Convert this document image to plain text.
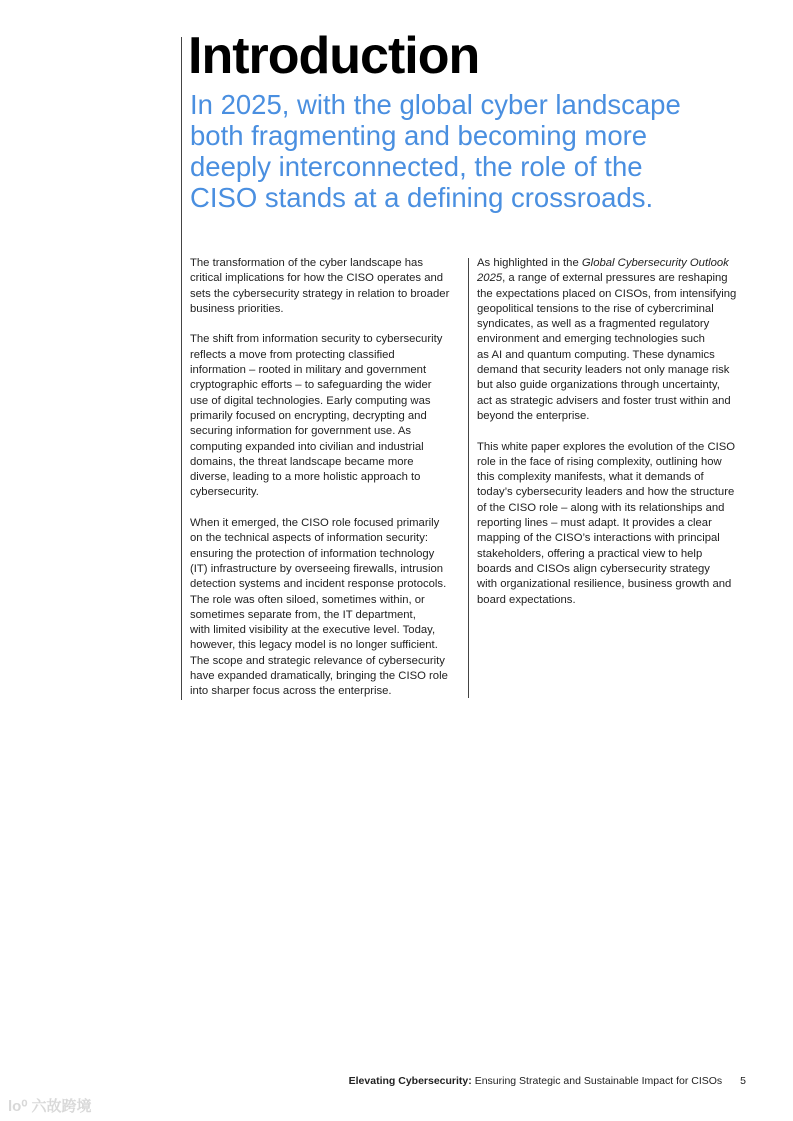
Introduction
In 2025, with the global cyber landscape
both fragmenting and becoming more
deeply interconnected, the role of the
CISO stands at a defining crossroads.

The transformation of the cyber landscape has
critical implications for how the CISO operates and
sets the cybersecurity strategy in relation to broader
business priorities.

The shift from information security to cybersecurity
reflects a move from protecting classified
information – rooted in military and government
cryptographic efforts – to safeguarding the wider
use of digital technologies. Early computing was
primarily focused on encrypting, decrypting and
securing information for government use. As
computing expanded into civilian and industrial
domains, the threat landscape became more
diverse, leading to a more holistic approach to
cybersecurity.

When it emerged, the CISO role focused primarily
on the technical aspects of information security:
ensuring the protection of information technology
(IT) infrastructure by overseeing firewalls, intrusion
detection systems and incident response protocols.
The role was often siloed, sometimes within, or
sometimes separate from, the IT department,
with limited visibility at the executive level. Today,
however, this legacy model is no longer sufficient.
The scope and strategic relevance of cybersecurity
have expanded dramatically, bringing the CISO role
into sharper focus across the enterprise.

As highlighted in the Global Cybersecurity Outlook
2025, a range of external pressures are reshaping
the expectations placed on CISOs, from intensifying
geopolitical tensions to the rise of cybercriminal
syndicates, as well as a fragmented regulatory
environment and emerging technologies such
as AI and quantum computing. These dynamics
demand that security leaders not only manage risk
but also guide organizations through uncertainty,
act as strategic advisers and foster trust within and
beyond the enterprise.

This white paper explores the evolution of the CISO
role in the face of rising complexity, outlining how
this complexity manifests, what it demands of
today’s cybersecurity leaders and how the structure
of the CISO role – along with its relationships and
reporting lines – must adapt. It provides a clear
mapping of the CISO’s interactions with principal
stakeholders, offering a practical view to help
boards and CISOs align cybersecurity strategy
with organizational resilience, business growth and
board expectations.

Elevating Cybersecurity: Ensuring Strategic and Sustainable Impact for CISOs 5
lo⁰ 六故跨境
